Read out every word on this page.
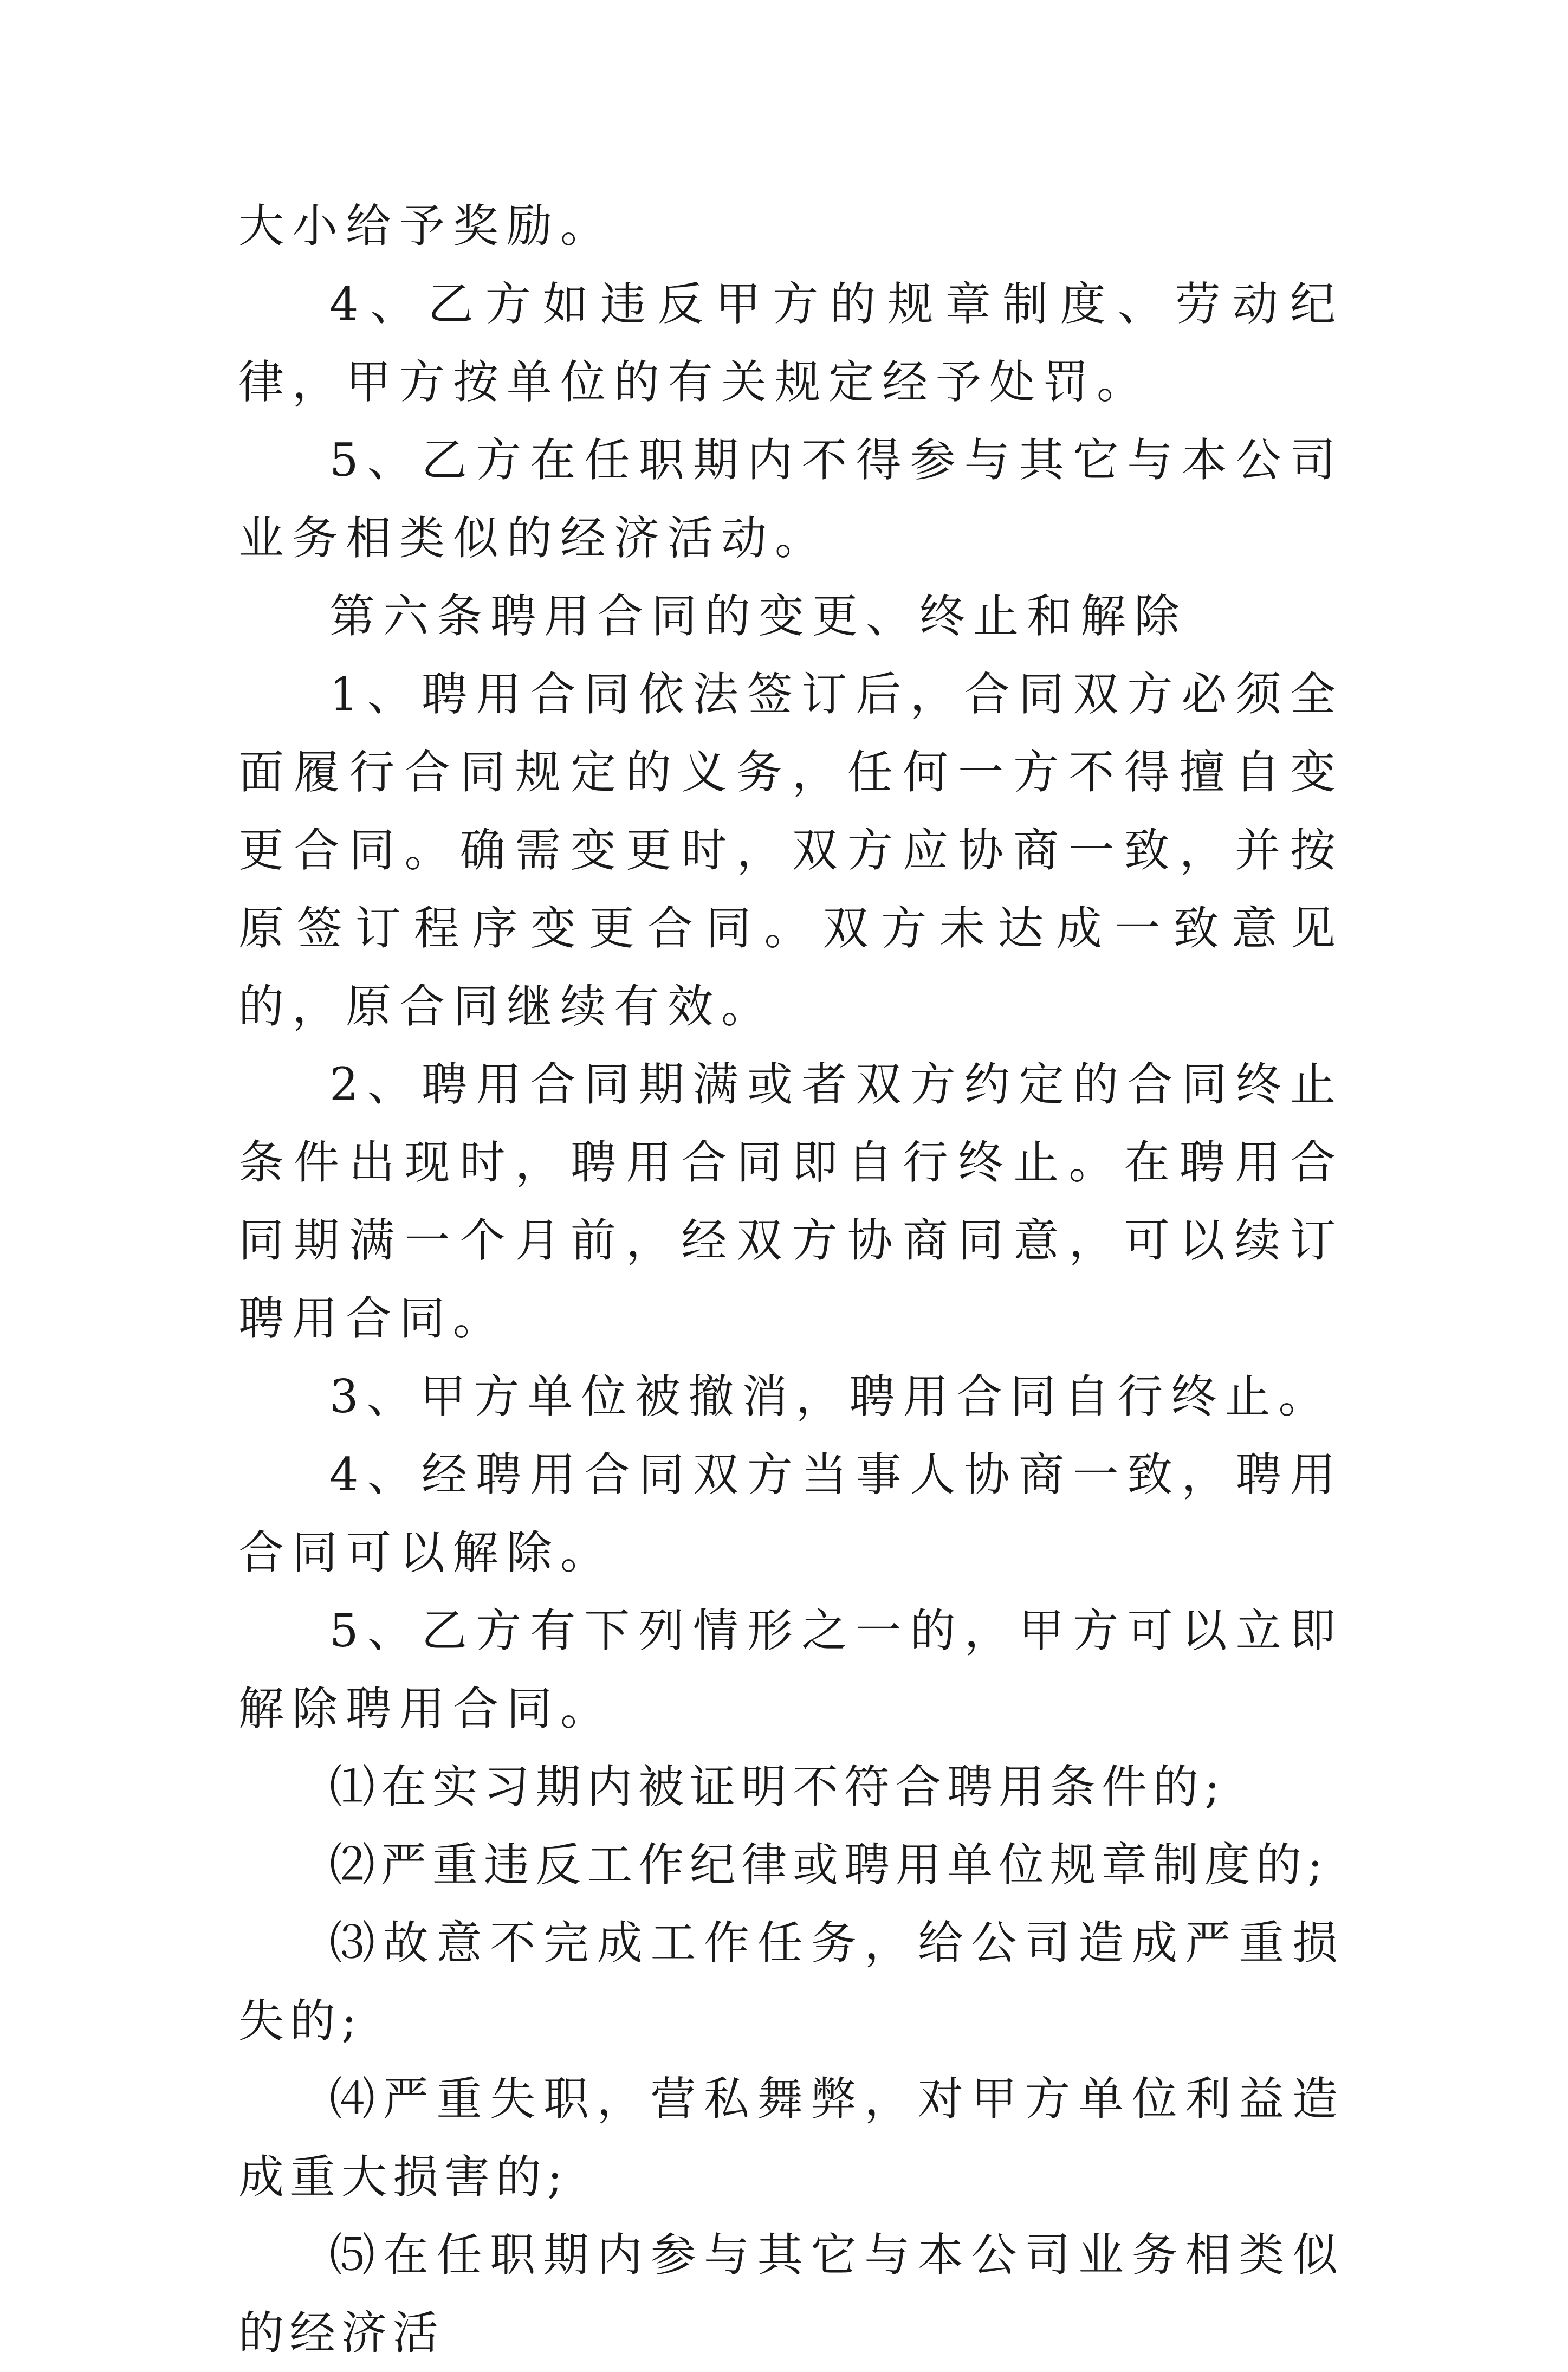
大小给予奖励。

4、乙方如违反甲方的规章制度、劳动纪律，甲方按单位的有关规定经予处罚。

5、乙方在任职期内不得参与其它与本公司业务相类似的经济活动。

第六条聘用合同的变更、终止和解除

1、聘用合同依法签订后，合同双方必须全面履行合同规定的义务，任何一方不得擅自变更合同。确需变更时，双方应协商一致，并按原签订程序变更合同。双方未达成一致意见的，原合同继续有效。

2、聘用合同期满或者双方约定的合同终止条件出现时，聘用合同即自行终止。在聘用合同期满一个月前，经双方协商同意，可以续订聘用合同。

3、甲方单位被撤消，聘用合同自行终止。

4、经聘用合同双方当事人协商一致，聘用合同可以解除。

5、乙方有下列情形之一的，甲方可以立即解除聘用合同。

⑴在实习期内被证明不符合聘用条件的;

⑵严重违反工作纪律或聘用单位规章制度的;

⑶故意不完成工作任务，给公司造成严重损失的;

⑷严重失职，营私舞弊，对甲方单位利益造成重大损害的;

⑸在任职期内参与其它与本公司业务相类似的经济活
